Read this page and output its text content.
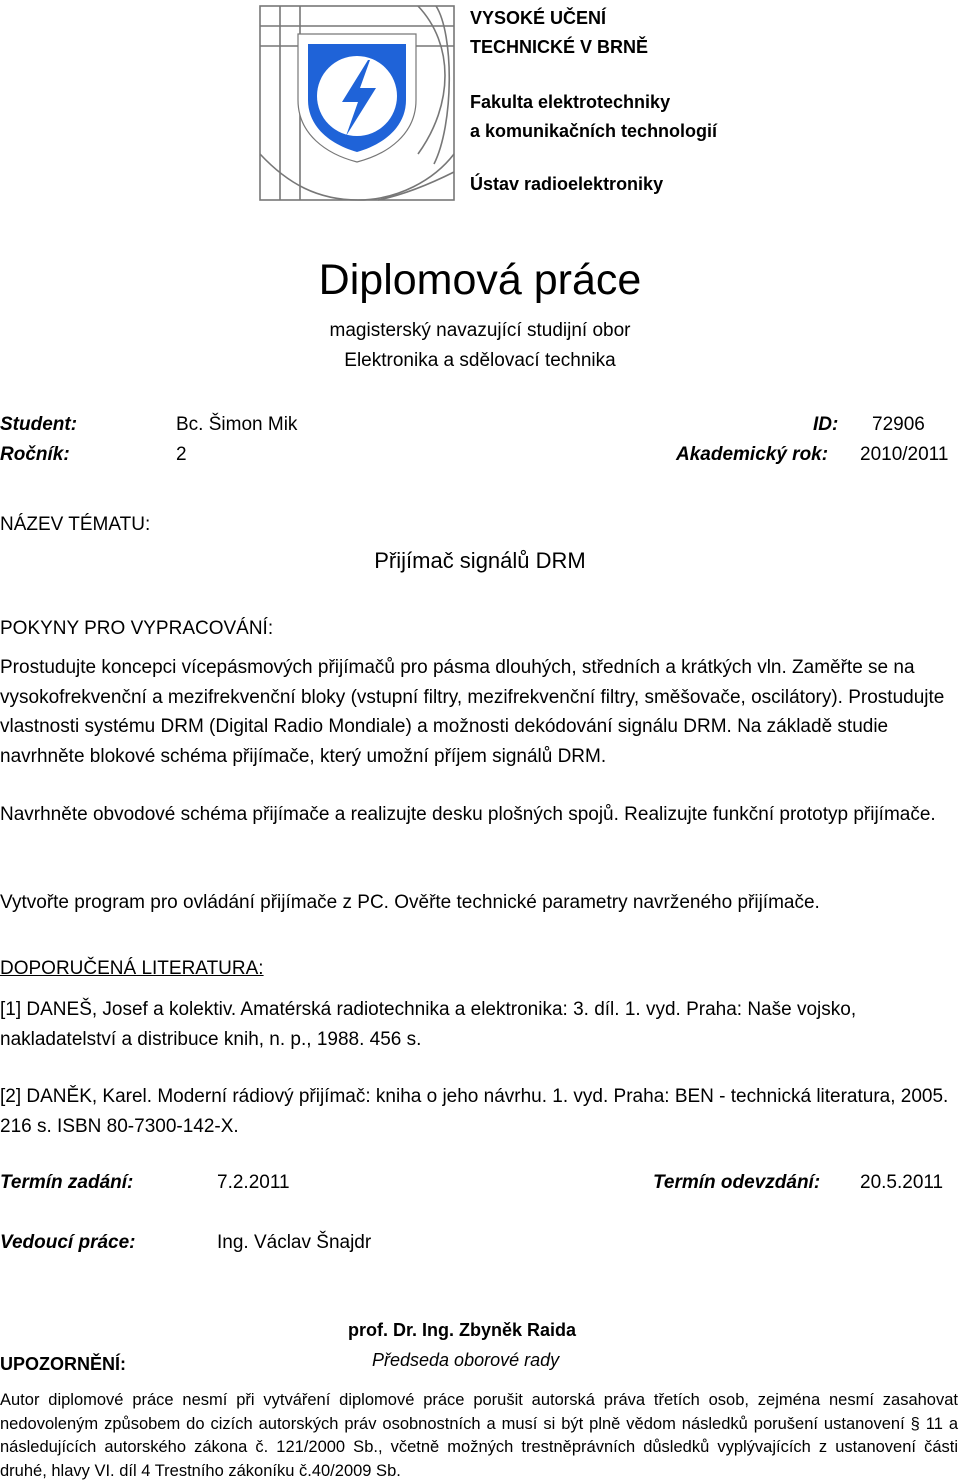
VYSOKÉ UČENÍ
TECHNICKÉ V BRNĚ
Fakulta elektrotechniky
a komunikačních technologií
Ústav radioelektroniky
Diplomová práce
magisterský navazující studijní obor
Elektronika a sdělovací technika
Student:	Bc. Šimon Mik	ID: 72906
Ročník:	2	Akademický rok: 2010/2011
NÁZEV TÉMATU:
Přijímač signálů DRM
POKYNY PRO VYPRACOVÁNÍ:

Prostudujte koncepci vícepásmových přijímačů pro pásma dlouhých, středních a krátkých vln. Zaměřte se na vysokofrekvenční a mezifrekvenční bloky (vstupní filtry, mezifrekvenční filtry, směšovače, oscilátory). Prostudujte vlastnosti systému DRM (Digital Radio Mondiale) a možnosti dekódování signálu DRM. Na základě studie navrhněte blokové schéma přijímače, který umožní příjem signálů DRM.

Navrhněte obvodové schéma přijímače a realizujte desku plošných spojů. Realizujte funkční prototyp přijímače.

Vytvořte program pro ovládání přijímače z PC. Ověřte technické parametry navrženého přijímače.

DOPORUČENÁ LITERATURA:

[1] DANEŠ, Josef a kolektiv. Amatérská radiotechnika a elektronika: 3. díl. 1. vyd. Praha: Naše vojsko, nakladatelství a distribuce knih, n. p., 1988. 456 s.

[2] DANĚK, Karel. Moderní rádiový přijímač: kniha o jeho návrhu. 1. vyd. Praha: BEN - technická literatura, 2005. 216 s. ISBN 80-7300-142-X.

Termín zadání:	7.2.2011	Termín odevzdání: 20.5.2011
Vedoucí práce:	Ing. Václav Šnajdr
prof. Dr. Ing. Zbyněk Raida
Předseda oborové rady
UPOZORNĚNÍ:
Autor diplomové práce nesmí při vytváření diplomové práce porušit autorská práva třetích osob, zejména nesmí zasahovat nedovoleným způsobem do cizích autorských práv osobnostních a musí si být plně vědom následků porušení ustanovení § 11 a následujících autorského zákona č. 121/2000 Sb., včetně možných trestněprávních důsledků vyplývajících z ustanovení části druhé, hlavy VI. díl 4 Trestního zákoníku č.40/2009 Sb.
